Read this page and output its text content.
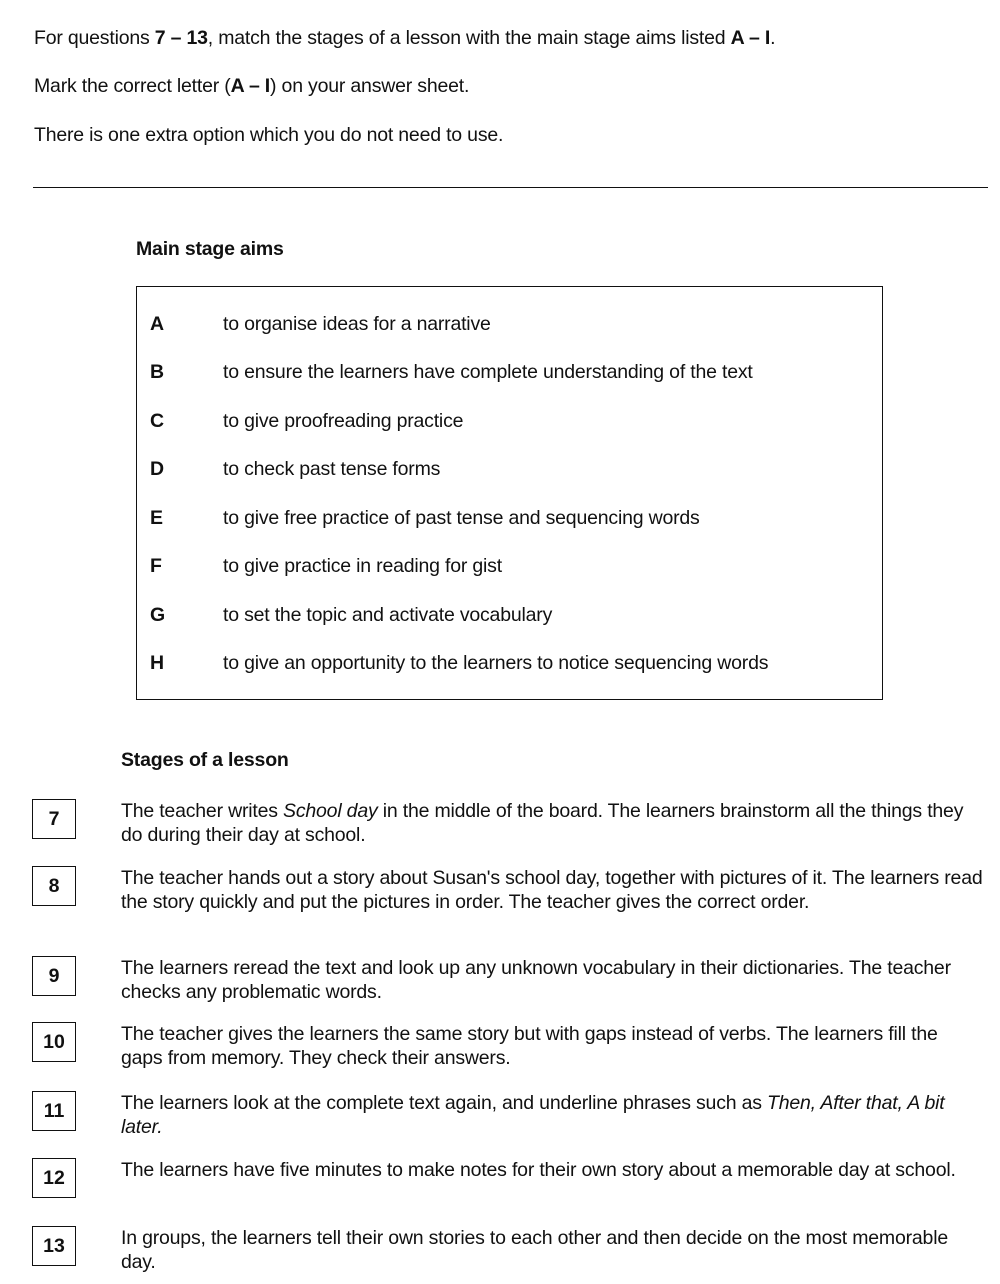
For questions 7 – 13, match the stages of a lesson with the main stage aims listed A – I.
Mark the correct letter (A – I) on your answer sheet.
There is one extra option which you do not need to use.
Main stage aims
A	to organise ideas for a narrative
B	to ensure the learners have complete understanding of the text
C	to give proofreading practice
D	to check past tense forms
E	to give free practice of past tense and sequencing words
F	to give practice in reading for gist
G	to set the topic and activate vocabulary
H	to give an opportunity to the learners to notice sequencing words
Stages of a lesson
7	The teacher writes School day in the middle of the board. The learners brainstorm all the things they do during their day at school.
8	The teacher hands out a story about Susan's school day, together with pictures of it. The learners read the story quickly and put the pictures in order. The teacher gives the correct order.
9	The learners reread the text and look up any unknown vocabulary in their dictionaries. The teacher checks any problematic words.
10	The teacher gives the learners the same story but with gaps instead of verbs. The learners fill the gaps from memory. They check their answers.
11	The learners look at the complete text again, and underline phrases such as Then, After that, A bit later.
12	The learners have five minutes to make notes for their own story about a memorable day at school.
13	In groups, the learners tell their own stories to each other and then decide on the most memorable day.
